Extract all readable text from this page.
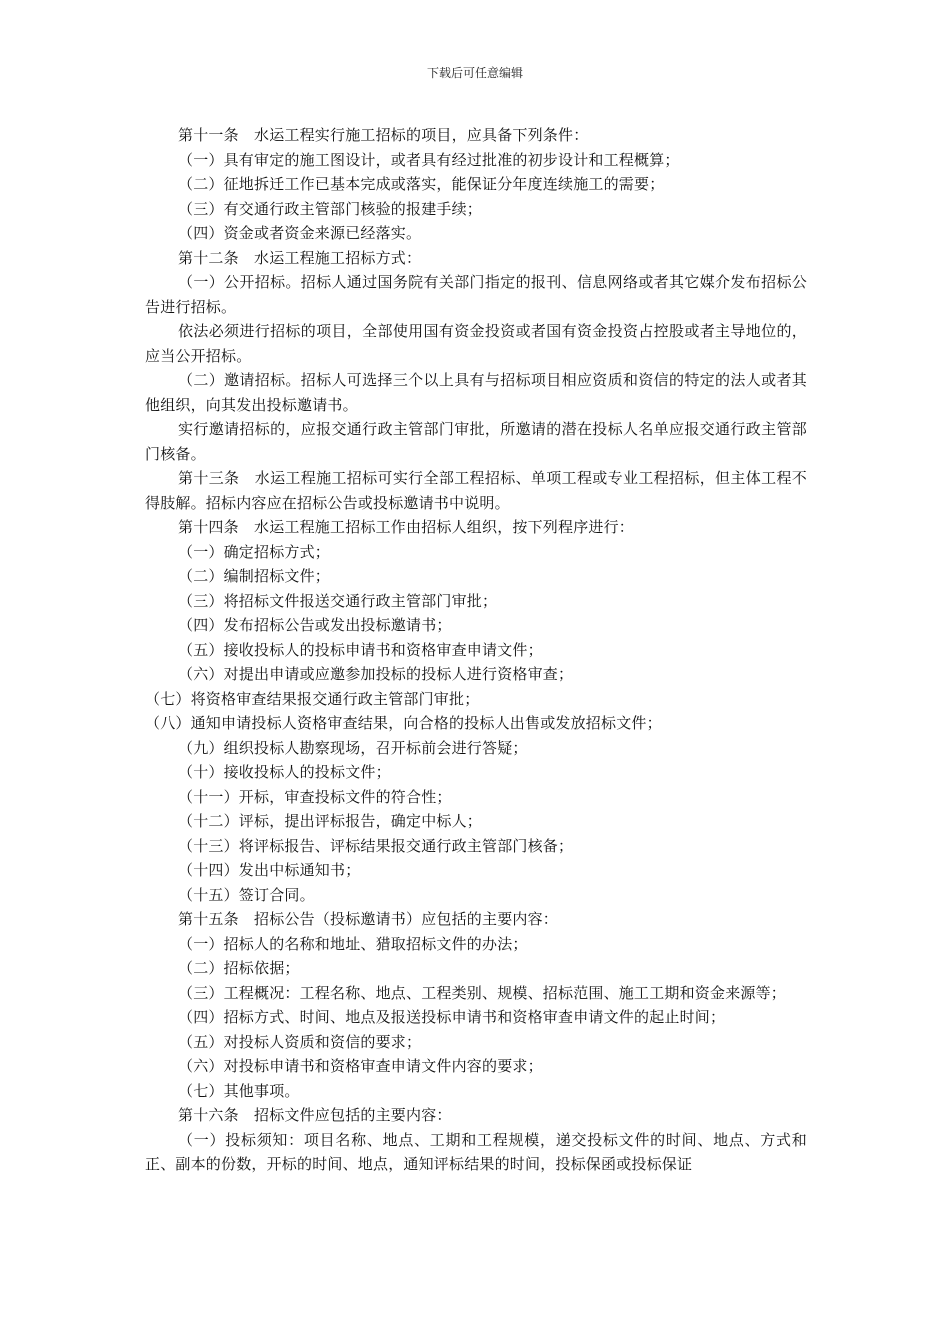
下载后可任意编辑

第十一条　水运工程实行施工招标的项目，应具备下列条件：

（一）具有审定的施工图设计，或者具有经过批准的初步设计和工程概算；

（二）征地拆迁工作已基本完成或落实，能保证分年度连续施工的需要；

（三）有交通行政主管部门核验的报建手续；

（四）资金或者资金来源已经落实。

第十二条　水运工程施工招标方式：

（一）公开招标。招标人通过国务院有关部门指定的报刊、信息网络或者其它媒介发布招标公告进行招标。

依法必须进行招标的项目，全部使用国有资金投资或者国有资金投资占控股或者主导地位的，应当公开招标。

（二）邀请招标。招标人可选择三个以上具有与招标项目相应资质和资信的特定的法人或者其他组织，向其发出投标邀请书。

实行邀请招标的，应报交通行政主管部门审批，所邀请的潜在投标人名单应报交通行政主管部门核备。

第十三条　水运工程施工招标可实行全部工程招标、单项工程或专业工程招标，但主体工程不得肢解。招标内容应在招标公告或投标邀请书中说明。

第十四条　水运工程施工招标工作由招标人组织，按下列程序进行：

（一）确定招标方式；

（二）编制招标文件；

（三）将招标文件报送交通行政主管部门审批；

（四）发布招标公告或发出投标邀请书；

（五）接收投标人的投标申请书和资格审查申请文件；

（六）对提出申请或应邀参加投标的投标人进行资格审查；

（七）将资格审查结果报交通行政主管部门审批；

（八）通知申请投标人资格审查结果，向合格的投标人出售或发放招标文件；

（九）组织投标人勘察现场，召开标前会进行答疑；

（十）接收投标人的投标文件；

（十一）开标，审查投标文件的符合性；

（十二）评标，提出评标报告，确定中标人；

（十三）将评标报告、评标结果报交通行政主管部门核备；

（十四）发出中标通知书；

（十五）签订合同。

第十五条　招标公告（投标邀请书）应包括的主要内容：

（一）招标人的名称和地址、猎取招标文件的办法；

（二）招标依据；

（三）工程概况：工程名称、地点、工程类别、规模、招标范围、施工工期和资金来源等；

（四）招标方式、时间、地点及报送投标申请书和资格审查申请文件的起止时间；

（五）对投标人资质和资信的要求；

（六）对投标申请书和资格审查申请文件内容的要求；

（七）其他事项。

第十六条　招标文件应包括的主要内容：

（一）投标须知：项目名称、地点、工期和工程规模，递交投标文件的时间、地点、方式和正、副本的份数，开标的时间、地点，通知评标结果的时间，投标保函或投标保证
